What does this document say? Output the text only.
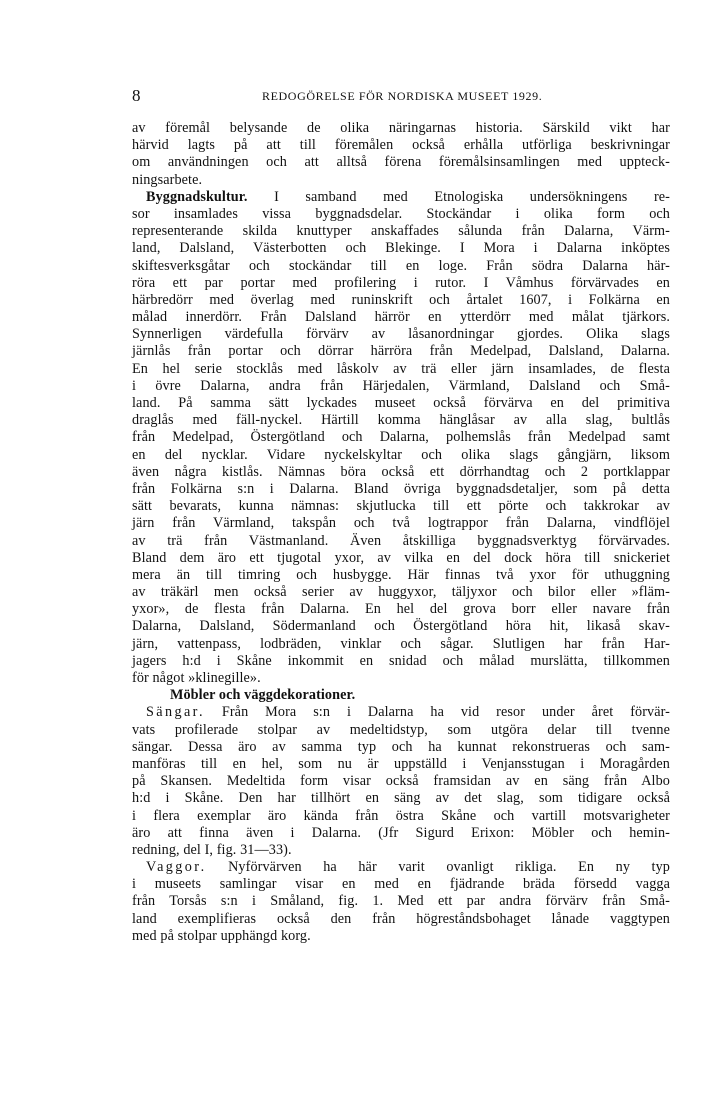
8	REDOGÖRELSE FÖR NORDISKA MUSEET 1929.
av föremål belysande de olika näringarnas historia. Särskild vikt har
härvid lagts på att till föremålen också erhålla utförliga beskrivningar
om användningen och att alltså förena föremålsinsamlingen med uppteck-
ningsarbete.
Byggnadskultur. I samband med Etnologiska undersökningens re-
sor insamlades vissa byggnadsdelar. Stockändar i olika form och
representerande skilda knuttyper anskaffades sålunda från Dalarna, Värm-
land, Dalsland, Västerbotten och Blekinge. I Mora i Dalarna inköptes
skiftesverksgåtar och stockändar till en loge. Från södra Dalarna här-
röra ett par portar med profilering i rutor. I Våmhus förvärvades en
härbredörr med överlag med runinskrift och årtalet 1607, i Folkärna en
målad innerdörr. Från Dalsland härrör en ytterdörr med målat tjärkors.
Synnerligen värdefulla förvärv av låsanordningar gjordes. Olika slags
järnlås från portar och dörrar härröra från Medelpad, Dalsland, Dalarna.
En hel serie stocklås med låskolv av trä eller järn insamlades, de flesta
i övre Dalarna, andra från Härjedalen, Värmland, Dalsland och Små-
land. På samma sätt lyckades museet också förvärva en del primitiva
draglås med fäll-nyckel. Härtill komma hänglåsar av alla slag, bultlås
från Medelpad, Östergötland och Dalarna, polhemslås från Medelpad samt
en del nycklar. Vidare nyckelskyltar och olika slags gångjärn, liksom
även några kistlås. Nämnas böra också ett dörrhandtag och 2 portklappar
från Folkärna s:n i Dalarna. Bland övriga byggnadsdetaljer, som på detta
sätt bevarats, kunna nämnas: skjutlucka till ett pörte och takkrokar av
järn från Värmland, takspån och två logtrappor från Dalarna, vindflöjel
av trä från Västmanland. Även åtskilliga byggnadsverktyg förvärvades.
Bland dem äro ett tjugotal yxor, av vilka en del dock höra till snickeriet
mera än till timring och husbygge. Här finnas två yxor för uthuggning
av träkärl men också serier av huggyxor, täljyxor och bilor eller »fläm-
yxor», de flesta från Dalarna. En hel del grova borr eller navare från
Dalarna, Dalsland, Södermanland och Östergötland höra hit, likaså skav-
järn, vattenpass, lodbräden, vinklar och sågar. Slutligen har från Har-
jagers h:d i Skåne inkommit en snidad och målad murslätta, tillkommen
för något »klinegille».
Möbler och väggdekorationer.
Sängar. Från Mora s:n i Dalarna ha vid resor under året förvär-
vats profilerade stolpar av medeltidstyp, som utgöra delar till tvenne
sängar. Dessa äro av samma typ och ha kunnat rekonstrueras och sam-
manföras till en hel, som nu är uppställd i Venjansstugan i Moragården
på Skansen. Medeltida form visar också framsidan av en säng från Albo
h:d i Skåne. Den har tillhört en säng av det slag, som tidigare också
i flera exemplar äro kända från östra Skåne och vartill motsvarigheter
äro att finna även i Dalarna. (Jfr Sigurd Erixon: Möbler och hemin-
redning, del I, fig. 31—33).
Vaggor. Nyförvärven ha här varit ovanligt rikliga. En ny typ
i museets samlingar visar en med en fjädrande bräda försedd vagga
från Torsås s:n i Småland, fig. 1. Med ett par andra förvärv från Små-
land exemplifieras också den från högreståndsbohaget lånade vaggtypen
med på stolpar upphängd korg.
